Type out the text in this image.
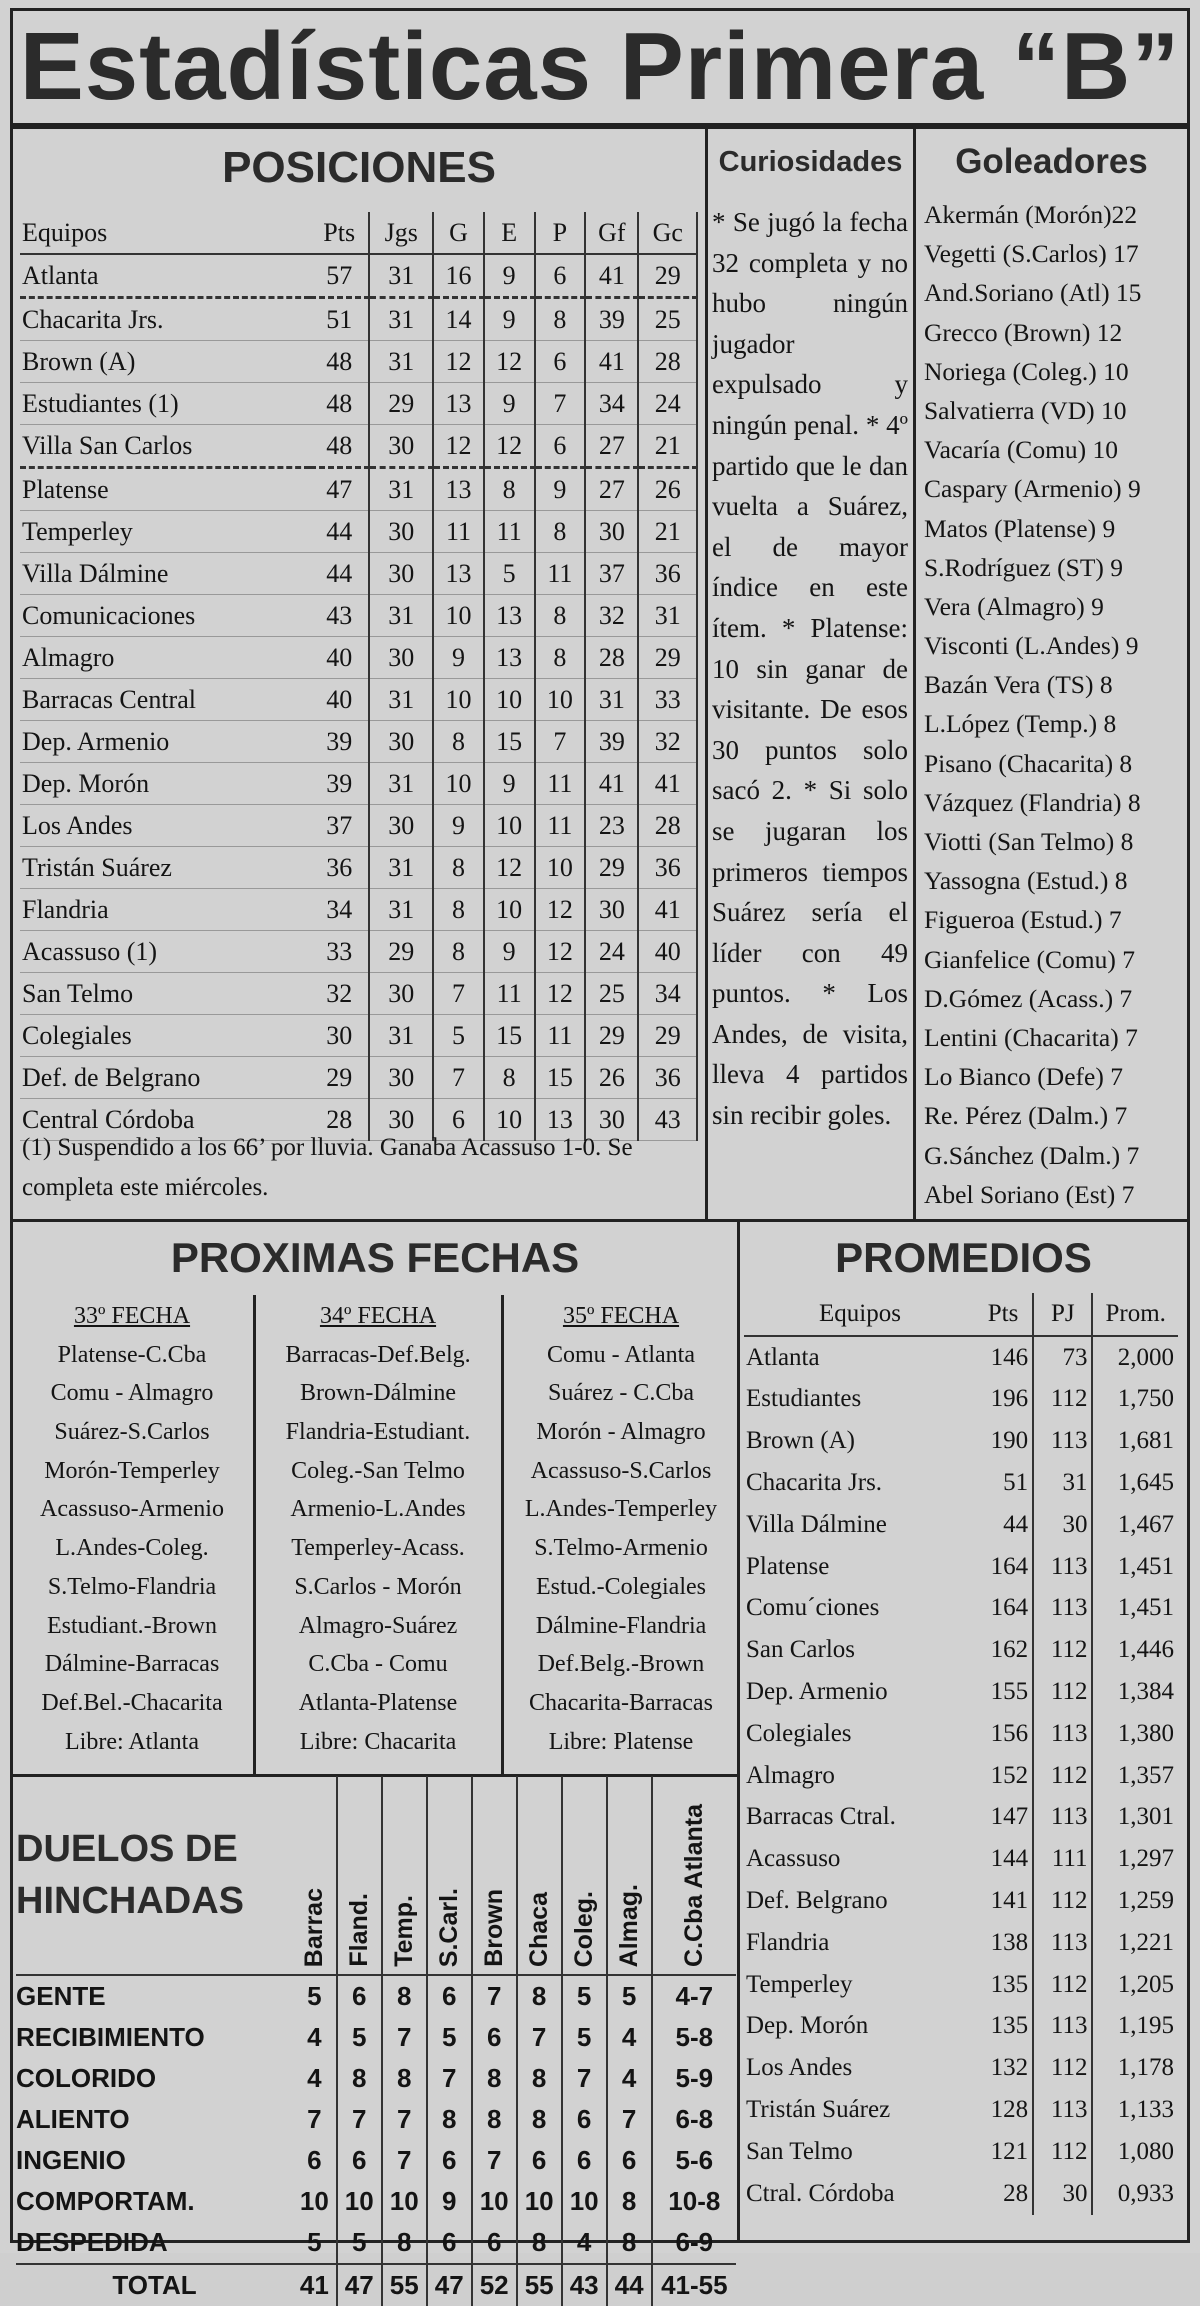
Estadísticas Primera “B”
POSICIONES
Equipos	Pts	Jgs	G	E	P	Gf	Gc
Atlanta	57	31	16	9	6	41	29
Chacarita Jrs.	51	31	14	9	8	39	25
Brown (A)	48	31	12	12	6	41	28
Estudiantes (1)	48	29	13	9	7	34	24
Villa San Carlos	48	30	12	12	6	27	21
Platense	47	31	13	8	9	27	26
Temperley	44	30	11	11	8	30	21
Villa Dálmine	44	30	13	5	11	37	36
Comunicaciones	43	31	10	13	8	32	31
Almagro	40	30	9	13	8	28	29
Barracas Central	40	31	10	10	10	31	33
Dep. Armenio	39	30	8	15	7	39	32
Dep. Morón	39	31	10	9	11	41	41
Los Andes	37	30	9	10	11	23	28
Tristán Suárez	36	31	8	12	10	29	36
Flandria	34	31	8	10	12	30	41
Acassuso (1)	33	29	8	9	12	24	40
San Telmo	32	30	7	11	12	25	34
Colegiales	30	31	5	15	11	29	29
Def. de Belgrano	29	30	7	8	15	26	36
Central Córdoba	28	30	6	10	13	30	43
(1) Suspendido a los 66’ por lluvia. Ganaba Acassuso 1-0. Se completa este miércoles.
Curiosidades
* Se jugó la fecha 32 completa y no hubo ningún jugador expulsado y ningún penal. * 4º partido que le dan vuelta a Suárez, el de mayor índice en este ítem. * Platense: 10 sin ganar de visitante. De esos 30 puntos solo sacó 2. * Si solo se jugaran los primeros tiempos Suárez sería el líder con 49 puntos. * Los Andes, de visita, lleva 4 partidos sin recibir goles.
Goleadores
Akermán (Morón)22
Vegetti (S.Carlos) 17
And.Soriano (Atl) 15
Grecco (Brown) 12
Noriega (Coleg.) 10
Salvatierra (VD) 10
Vacaría (Comu) 10
Caspary (Armenio) 9
Matos (Platense) 9
S.Rodríguez (ST) 9
Vera (Almagro) 9
Visconti (L.Andes) 9
Bazán Vera (TS) 8
L.López (Temp.) 8
Pisano (Chacarita) 8
Vázquez (Flandria) 8
Viotti (San Telmo) 8
Yassogna (Estud.) 8
Figueroa (Estud.) 7
Gianfelice (Comu) 7
D.Gómez (Acass.) 7
Lentini (Chacarita) 7
Lo Bianco (Defe) 7
Re. Pérez (Dalm.) 7
G.Sánchez (Dalm.) 7
Abel Soriano (Est) 7
PROXIMAS FECHAS
33º FECHA
Platense-C.Cba
Comu - Almagro
Suárez-S.Carlos
Morón-Temperley
Acassuso-Armenio
L.Andes-Coleg.
S.Telmo-Flandria
Estudiant.-Brown
Dálmine-Barracas
Def.Bel.-Chacarita
Libre: Atlanta
34º FECHA
Barracas-Def.Belg.
Brown-Dálmine
Flandria-Estudiant.
Coleg.-San Telmo
Armenio-L.Andes
Temperley-Acass.
S.Carlos - Morón
Almagro-Suárez
C.Cba - Comu
Atlanta-Platense
Libre: Chacarita
35º FECHA
Comu - Atlanta
Suárez - C.Cba
Morón - Almagro
Acassuso-S.Carlos
L.Andes-Temperley
S.Telmo-Armenio
Estud.-Colegiales
Dálmine-Flandria
Def.Belg.-Brown
Chacarita-Barracas
Libre: Platense
PROMEDIOS
Equipos	Pts	PJ	Prom.
Atlanta	146	73	2,000
Estudiantes	196	112	1,750
Brown (A)	190	113	1,681
Chacarita Jrs.	51	31	1,645
Villa Dálmine	44	30	1,467
Platense	164	113	1,451
Comu´ciones	164	113	1,451
San Carlos	162	112	1,446
Dep. Armenio	155	112	1,384
Colegiales	156	113	1,380
Almagro	152	112	1,357
Barracas Ctral.	147	113	1,301
Acassuso	144	111	1,297
Def. Belgrano	141	112	1,259
Flandria	138	113	1,221
Temperley	135	112	1,205
Dep. Morón	135	113	1,195
Los Andes	132	112	1,178
Tristán Suárez	128	113	1,133
San Telmo	121	112	1,080
Ctral. Córdoba	28	30	0,933
DUELOS DE
HINCHADAS	Barrac	Fland.	Temp.	S.Carl.	Brown	Chaca	Coleg.	Almag.	C.Cba Atlanta
GENTE	5	6	8	6	7	8	5	5	4-7
RECIBIMIENTO	4	5	7	5	6	7	5	4	5-8
COLORIDO	4	8	8	7	8	8	7	4	5-9
ALIENTO	7	7	7	8	8	8	6	7	6-8
INGENIO	6	6	7	6	7	6	6	6	5-6
COMPORTAM.	10	10	10	9	10	10	10	8	10-8
DESPEDIDA	5	5	8	6	6	8	4	8	6-9
TOTAL	41	47	55	47	52	55	43	44	41-55
